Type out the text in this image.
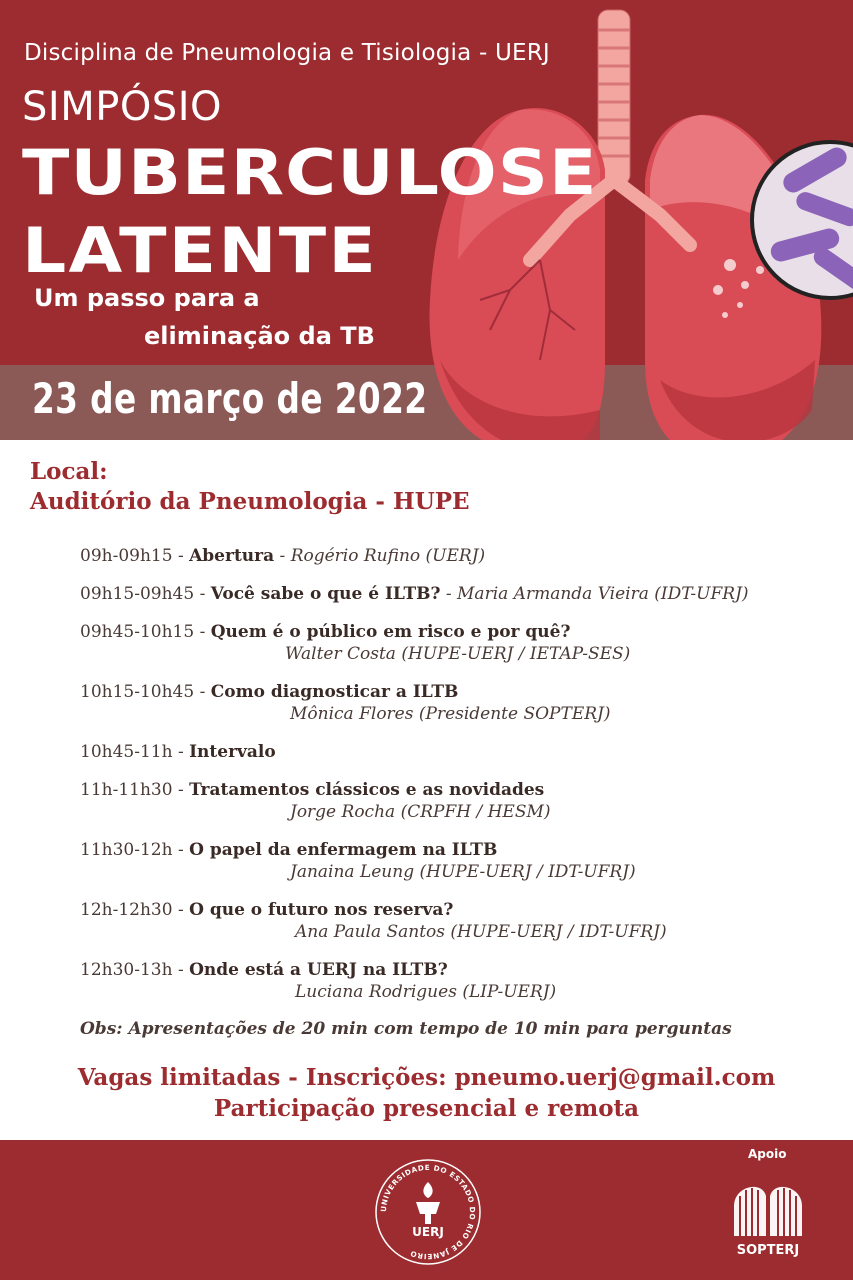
Disciplina de Pneumologia e Tisiologia - UERJ
SIMPÓSIO
TUBERCULOSE
LATENTE
Um passo para a
eliminação da TB
23 de março de 2022
Local:
Auditório da Pneumologia - HUPE
09h-09h15 - Abertura - Rogério Rufino (UERJ)
09h15-09h45 - Você sabe o que é ILTB? - Maria Armanda Vieira (IDT-UFRJ)
09h45-10h15 - Quem é o público em risco e por quê?
Walter Costa (HUPE-UERJ / IETAP-SES)
10h15-10h45 - Como diagnosticar a ILTB
Mônica Flores (Presidente SOPTERJ)
10h45-11h - Intervalo
11h-11h30 - Tratamentos clássicos e as novidades
Jorge Rocha (CRPFH / HESM)
11h30-12h - O papel da enfermagem na ILTB
Janaina Leung (HUPE-UERJ / IDT-UFRJ)
12h-12h30 - O que o futuro nos reserva?
Ana Paula Santos (HUPE-UERJ / IDT-UFRJ)
12h30-13h - Onde está a UERJ na ILTB?
Luciana Rodrigues (LIP-UERJ)
Obs: Apresentações de 20 min com tempo de 10 min para perguntas
Vagas limitadas - Inscrições: pneumo.uerj@gmail.com
Participação presencial e remota
UNIVERSIDADE DO ESTADO DO RIO DE JANEIRO
UERJ
Apoio
SOPTERJ
